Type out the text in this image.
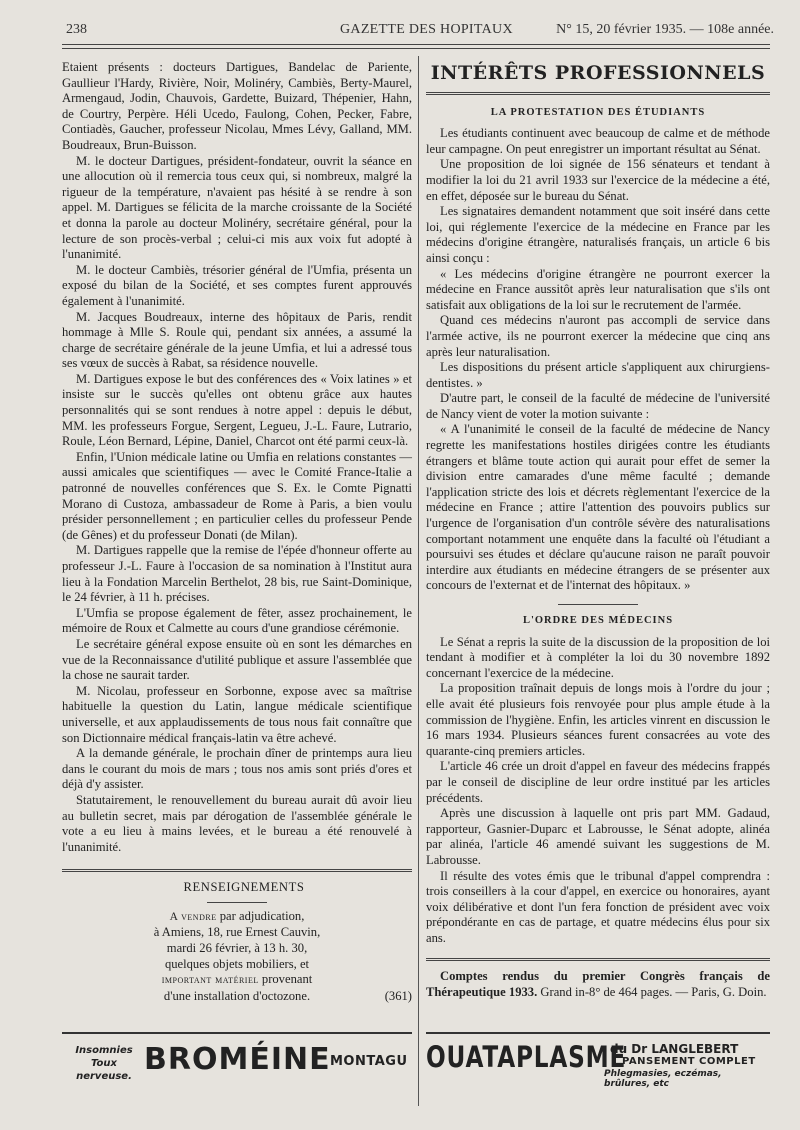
238	GAZETTE DES HOPITAUX	N° 15, 20 février 1935. — 108e année.

Etaient présents : docteurs Dartigues, Bandelac de Pariente, Gaullieur l'Hardy, Rivière, Noir, Molinéry, Cambiès, Berty-Maurel, Armengaud, Jodin, Chauvois, Gardette, Buizard, Thépenier, Hahn, de Courtry, Perpère. Héli Ucedo, Faulong, Cohen, Pecker, Fabre, Contiadès, Gaucher, professeur Nicolau, Mmes Lévy, Galland, MM. Boudreaux, Brun-Buisson.

M. le docteur Dartigues, président-fondateur, ouvrit la séance en une allocution où il remercia tous ceux qui, si nombreux, malgré la rigueur de la température, n'avaient pas hésité à se rendre à son appel. M. Dartigues se félicita de la marche croissante de la Société et donna la parole au docteur Molinéry, secrétaire général, pour la lecture de son procès-verbal ; celui-ci mis aux voix fut adopté à l'unanimité.

M. le docteur Cambiès, trésorier général de l'Umfia, présenta un exposé du bilan de la Société, et ses comptes furent approuvés également à l'unanimité.

M. Jacques Boudreaux, interne des hôpitaux de Paris, rendit hommage à Mlle S. Roule qui, pendant six années, a assumé la charge de secrétaire générale de la jeune Umfia, et lui a adressé tous ses vœux de succès à Rabat, sa résidence nouvelle.

M. Dartigues expose le but des conférences des « Voix latines » et insiste sur le succès qu'elles ont obtenu grâce aux hautes personnalités qui se sont rendues à notre appel : depuis le début, MM. les professeurs Forgue, Sergent, Legueu, J.-L. Faure, Lutrario, Roule, Léon Bernard, Lépine, Daniel, Charcot ont été parmi ceux-là.

Enfin, l'Union médicale latine ou Umfia en relations constantes — aussi amicales que scientifiques — avec le Comité France-Italie a patronné de nouvelles conférences que S. Ex. le Comte Pignatti Morano di Custoza, ambassadeur de Rome à Paris, a bien voulu présider personnellement ; en particulier celles du professeur Pende (de Gênes) et du professeur Donati (de Milan).

M. Dartigues rappelle que la remise de l'épée d'honneur offerte au professeur J.-L. Faure à l'occasion de sa nomination à l'Institut aura lieu à la Fondation Marcelin Berthelot, 28 bis, rue Saint-Dominique, le 24 février, à 11 h. précises.

L'Umfia se propose également de fêter, assez prochainement, le mémoire de Roux et Calmette au cours d'une grandiose cérémonie.

Le secrétaire général expose ensuite où en sont les démarches en vue de la Reconnaissance d'utilité publique et assure l'assemblée que la chose ne saurait tarder.

M. Nicolau, professeur en Sorbonne, expose avec sa maîtrise habituelle la question du Latin, langue médicale scientifique universelle, et aux applaudissements de tous nous fait connaître que son Dictionnaire médical français-latin va être achevé.

A la demande générale, le prochain dîner de printemps aura lieu dans le courant du mois de mars ; tous nos amis sont priés d'ores et déjà d'y assister.

Statutairement, le renouvellement du bureau aurait dû avoir lieu au bulletin secret, mais par dérogation de l'assemblée générale le vote a eu lieu à mains levées, et le bureau a été renouvelé à l'unanimité.

RENSEIGNEMENTS

A vendre par adjudication,
à Amiens, 18, rue Ernest Cauvin,
mardi 26 février, à 13 h. 30,
quelques objets mobiliers, et
important matériel provenant
d'une installation d'octozone.	(361)
INTÉRÊTS PROFESSIONNELS
LA PROTESTATION DES ÉTUDIANTS

Les étudiants continuent avec beaucoup de calme et de méthode leur campagne. On peut enregistrer un important résultat au Sénat.

Une proposition de loi signée de 156 sénateurs et tendant à modifier la loi du 21 avril 1933 sur l'exercice de la médecine a été, en effet, déposée sur le bureau du Sénat.

Les signataires demandent notamment que soit inséré dans cette loi, qui réglemente l'exercice de la médecine en France par les médecins d'origine étrangère, naturalisés français, un article 6 bis ainsi conçu :

« Les médecins d'origine étrangère ne pourront exercer la médecine en France aussitôt après leur naturalisation que s'ils ont satisfait aux obligations de la loi sur le recrutement de l'armée.

Quand ces médecins n'auront pas accompli de service dans l'armée active, ils ne pourront exercer la médecine que cinq ans après leur naturalisation.

Les dispositions du présent article s'appliquent aux chirurgiens-dentistes. »

D'autre part, le conseil de la faculté de médecine de l'université de Nancy vient de voter la motion suivante :

« A l'unanimité le conseil de la faculté de médecine de Nancy regrette les manifestations hostiles dirigées contre les étudiants étrangers et blâme toute action qui aurait pour effet de semer la division entre camarades d'une même faculté ; demande l'application stricte des lois et décrets règlementant l'exercice de la médecine en France ; attire l'attention des pouvoirs publics sur l'urgence de l'organisation d'un contrôle sévère des naturalisations comportant notamment une enquête dans la faculté où l'étudiant a poursuivi ses études et déclare qu'aucune raison ne paraît pouvoir interdire aux étudiants en médecine étrangers de se présenter aux concours de l'externat et de l'internat des hôpitaux. »

L'ORDRE DES MÉDECINS

Le Sénat a repris la suite de la discussion de la proposition de loi tendant à modifier et à compléter la loi du 30 novembre 1892 concernant l'exercice de la médecine.

La proposition traînait depuis de longs mois à l'ordre du jour ; elle avait été plusieurs fois renvoyée pour plus ample étude à la commission de l'hygiène. Enfin, les articles vinrent en discussion le 16 mars 1934. Plusieurs séances furent consacrées au vote des quarante-cinq premiers articles.

L'article 46 crée un droit d'appel en faveur des médecins frappés par le conseil de discipline de leur ordre institué par les articles précédents.

Après une discussion à laquelle ont pris part MM. Gadaud, rapporteur, Gasnier-Duparc et Labrousse, le Sénat adopte, alinéa par alinéa, l'article 46 amendé suivant les suggestions de M. Labrousse.

Il résulte des votes émis que le tribunal d'appel comprendra : trois conseillers à la cour d'appel, en exercice ou honoraires, ayant voix délibérative et dont l'un fera fonction de président avec voix prépondérante en cas de partage, et quatre médecins élus pour six ans.

Comptes rendus du premier Congrès français de Thérapeutique 1933. Grand in-8° de 464 pages. — Paris, G. Doin.

Insomnies
Toux nerveuse. BROMÉINE MONTAGU OUATAPLASME
du Dr LANGLEBERT
PANSEMENT COMPLET
Phlegmasies, eczémas, brûlures, etc
